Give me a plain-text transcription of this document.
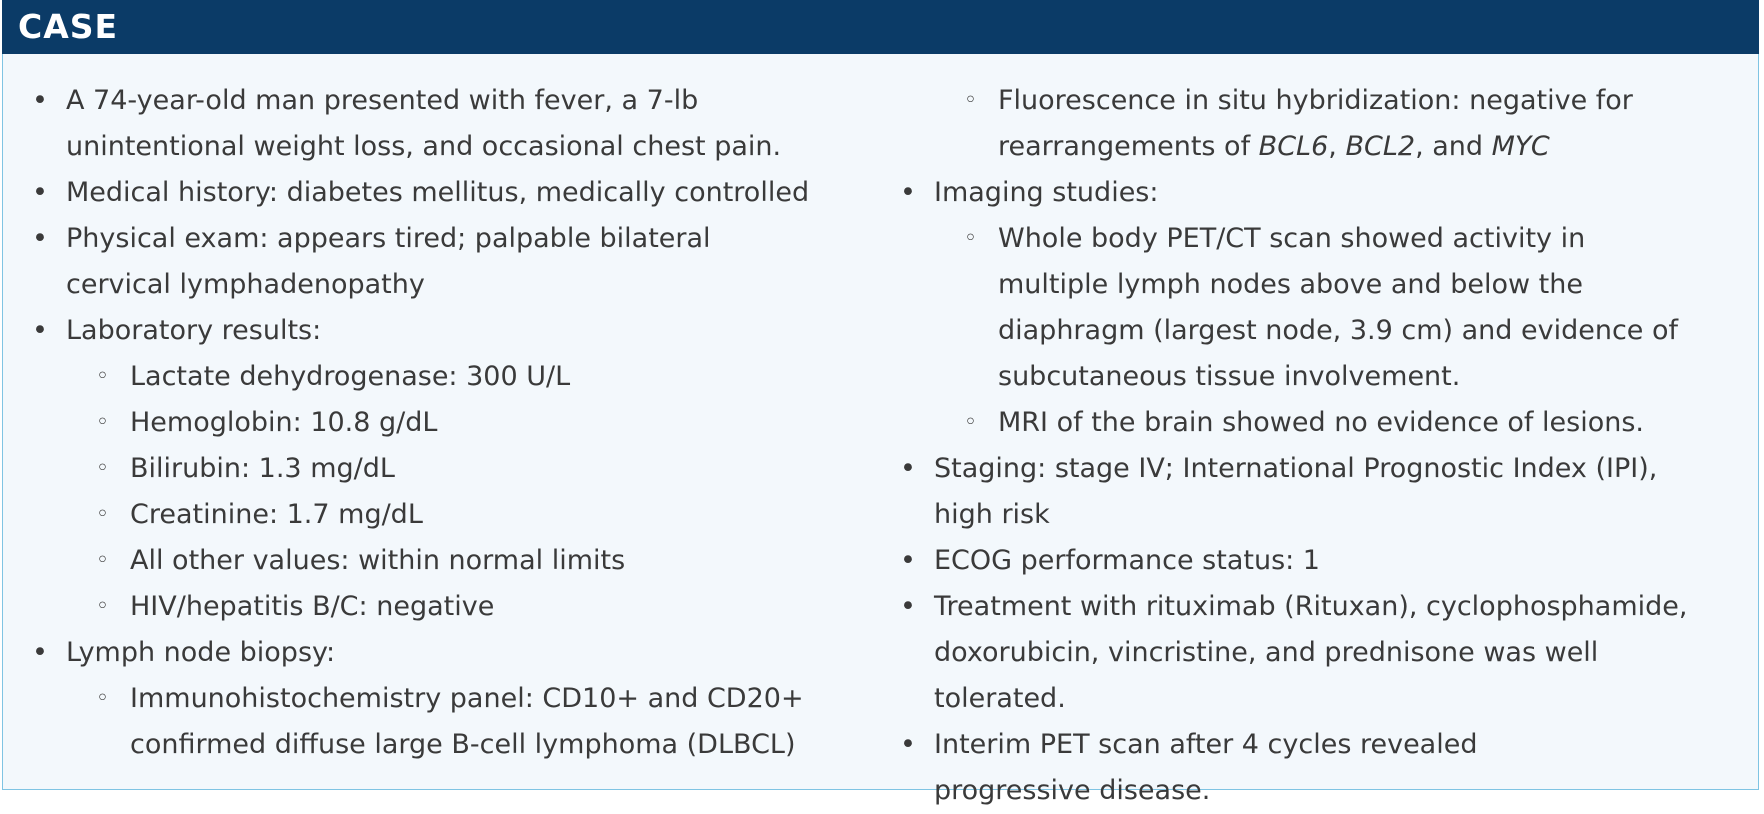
CASE
• A 74-year-old man presented with fever, a 7-lb unintentional weight loss, and occasional chest pain.
• Medical history: diabetes mellitus, medically controlled
• Physical exam: appears tired; palpable bilateral cervical lymphadenopathy
• Laboratory results:
◦ Lactate dehydrogenase: 300 U/L
◦ Hemoglobin: 10.8 g/dL
◦ Bilirubin: 1.3 mg/dL
◦ Creatinine: 1.7 mg/dL
◦ All other values: within normal limits
◦ HIV/hepatitis B/C: negative
• Lymph node biopsy:
◦ Immunohistochemistry panel: CD10+ and CD20+ confirmed diffuse large B-cell lymphoma (DLBCL)
◦ Fluorescence in situ hybridization: negative for rearrangements of BCL6, BCL2, and MYC
• Imaging studies:
◦ Whole body PET/CT scan showed activity in multiple lymph nodes above and below the diaphragm (largest node, 3.9 cm) and evidence of subcutaneous tissue involvement.
◦ MRI of the brain showed no evidence of lesions.
• Staging: stage IV; International Prognostic Index (IPI), high risk
• ECOG performance status: 1
• Treatment with rituximab (Rituxan), cyclophosphamide, doxorubicin, vincristine, and prednisone was well tolerated.
• Interim PET scan after 4 cycles revealed progressive disease.
